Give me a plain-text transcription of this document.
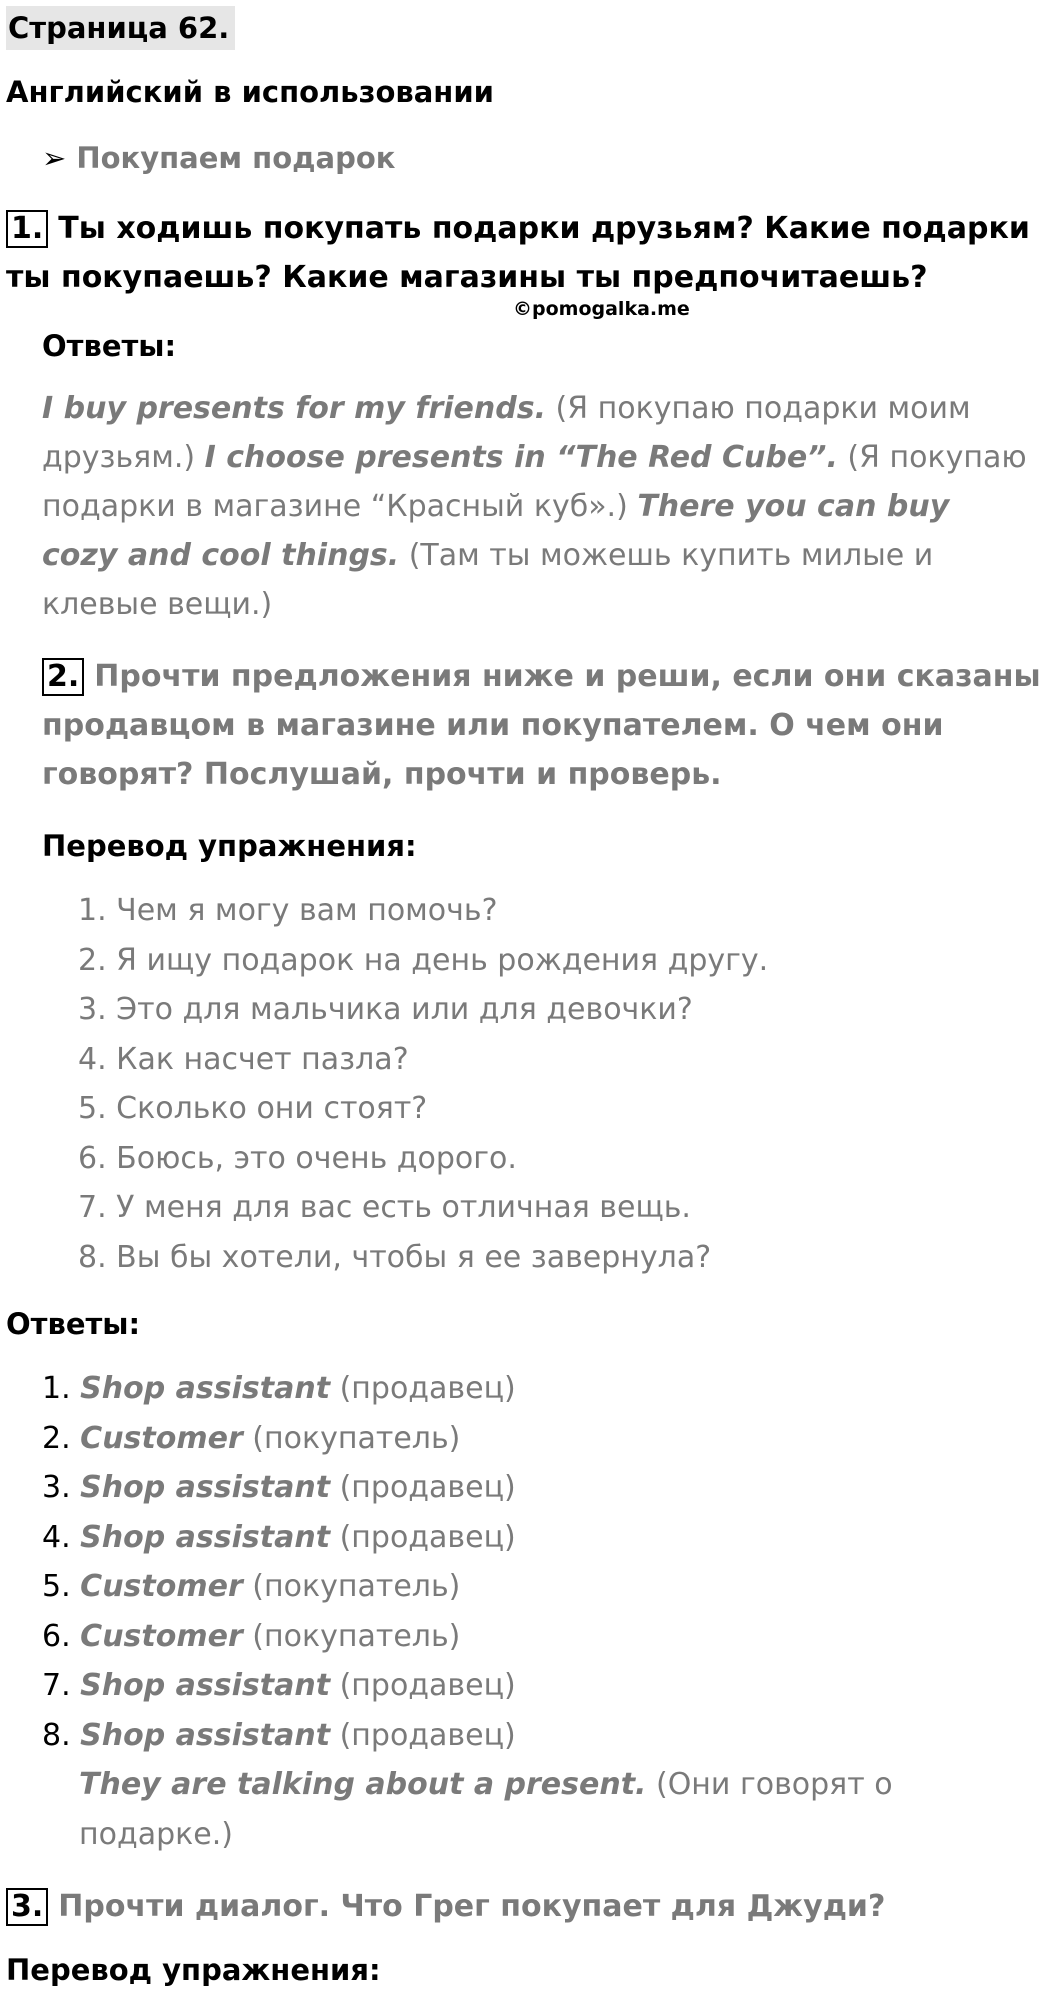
Страница 62.
Английский в использовании
➢ Покупаем подарок
1. Ты ходишь покупать подарки друзьям? Какие подарки
ты покупаешь? Какие магазины ты предпочитаешь?
©pomogalka.me
Ответы:
I buy presents for my friends. (Я покупаю подарки моим
друзьям.) I choose presents in “The Red Cube”. (Я покупаю
подарки в магазине “Красный куб».) There you can buy
cozy and cool things. (Там ты можешь купить милые и
клевые вещи.)
2. Прочти предложения ниже и реши, если они сказаны
продавцом в магазине или покупателем. О чем они
говорят? Послушай, прочти и проверь.
Перевод упражнения:
1. Чем я могу вам помочь?
2. Я ищу подарок на день рождения другу.
3. Это для мальчика или для девочки?
4. Как насчет пазла?
5. Сколько они стоят?
6. Боюсь, это очень дорого.
7. У меня для вас есть отличная вещь.
8. Вы бы хотели, чтобы я ее завернула?
Ответы:
1. Shop assistant (продавец)
2. Customer (покупатель)
3. Shop assistant (продавец)
4. Shop assistant (продавец)
5. Customer (покупатель)
6. Customer (покупатель)
7. Shop assistant (продавец)
8. Shop assistant (продавец)
They are talking about a present. (Они говорят о
подарке.)
3. Прочти диалог. Что Грег покупает для Джуди?
Перевод упражнения:
